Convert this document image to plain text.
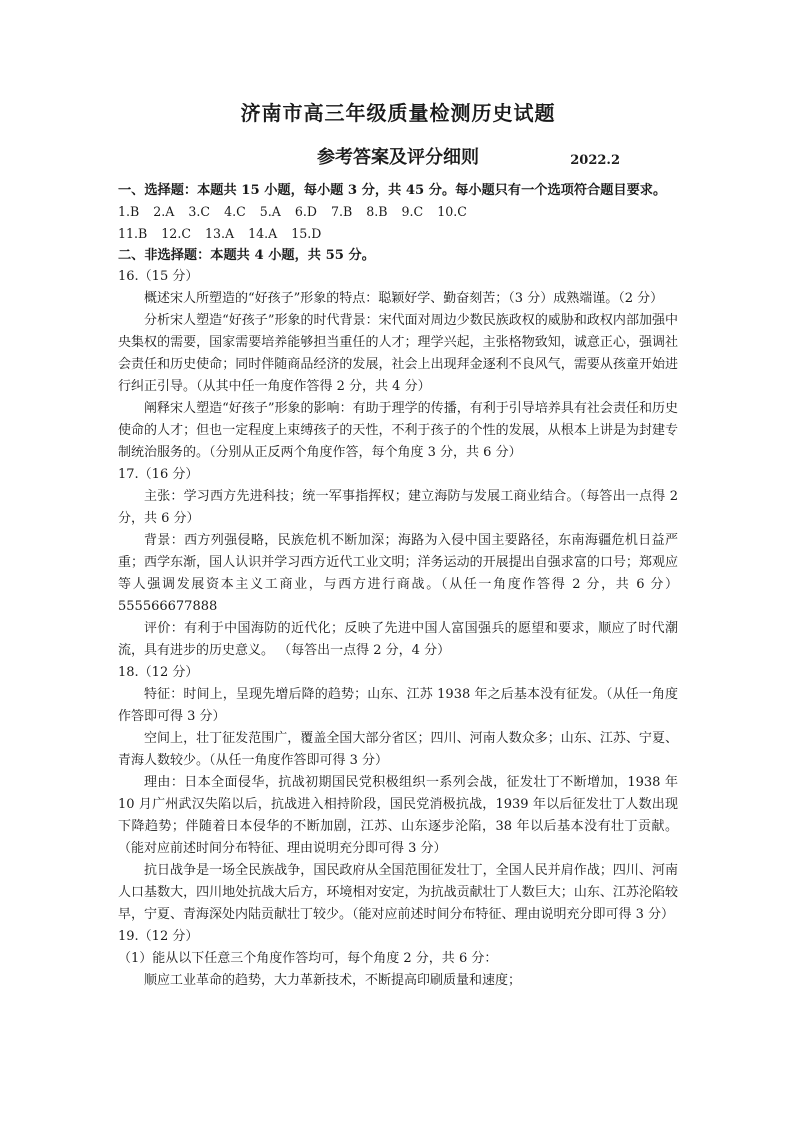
济南市高三年级质量检测历史试题
参考答案及评分细则	2022.2

一、选择题：本题共 15 小题，每小题 3 分，共 45 分。每小题只有一个选项符合题目要求。

1.B 2.A 3.C 4.C 5.A 6.D 7.B 8.B 9.C 10.C
11.B 12.C 13.A 14.A 15.D

二、非选择题：本题共 4 小题，共 55 分。

16.（15 分）

概述宋人所塑造的“好孩子”形象的特点：聪颖好学、勤奋刻苦；（3 分）成熟端谨。（2 分）

分析宋人塑造“好孩子”形象的时代背景：宋代面对周边少数民族政权的威胁和政权内部加强中央集权的需要，国家需要培养能够担当重任的人才；理学兴起，主张格物致知，诚意正心，强调社会责任和历史使命；同时伴随商品经济的发展，社会上出现拜金逐利不良风气，需要从孩童开始进行纠正引导。（从其中任一角度作答得 2 分，共 4 分）

阐释宋人塑造“好孩子”形象的影响：有助于理学的传播，有利于引导培养具有社会责任和历史使命的人才；但也一定程度上束缚孩子的天性，不利于孩子的个性的发展，从根本上讲是为封建专制统治服务的。（分别从正反两个角度作答，每个角度 3 分，共 6 分）

17.（16 分）

主张：学习西方先进科技；统一军事指挥权；建立海防与发展工商业结合。（每答出一点得 2 分，共 6 分）

背景：西方列强侵略，民族危机不断加深；海路为入侵中国主要路径，东南海疆危机日益严重；西学东渐，国人认识并学习西方近代工业文明；洋务运动的开展提出自强求富的口号；郑观应等人强调发展资本主义工商业，与西方进行商战。（从任一角度作答得 2 分，共 6 分）555566677888

评价：有利于中国海防的近代化；反映了先进中国人富国强兵的愿望和要求，顺应了时代潮流，具有进步的历史意义。 （每答出一点得 2 分，4 分）

18.（12 分）

特征：时间上，呈现先增后降的趋势；山东、江苏 1938 年之后基本没有征发。（从任一角度作答即可得 3 分）

空间上，壮丁征发范围广，覆盖全国大部分省区；四川、河南人数众多；山东、江苏、宁夏、青海人数较少。（从任一角度作答即可得 3 分）

理由：日本全面侵华，抗战初期国民党积极组织一系列会战，征发壮丁不断增加，1938 年 10 月广州武汉失陷以后，抗战进入相持阶段，国民党消极抗战，1939 年以后征发壮丁人数出现下降趋势；伴随着日本侵华的不断加剧，江苏、山东逐步沦陷，38 年以后基本没有壮丁贡献。（能对应前述时间分布特征、理由说明充分即可得 3 分）

抗日战争是一场全民族战争，国民政府从全国范围征发壮丁，全国人民并肩作战；四川、河南人口基数大，四川地处抗战大后方，环境相对安定，为抗战贡献壮丁人数巨大；山东、江苏沦陷较早，宁夏、青海深处内陆贡献壮丁较少。（能对应前述时间分布特征、理由说明充分即可得 3 分）

19.（12 分）

（1）能从以下任意三个角度作答均可，每个角度 2 分，共 6 分：

顺应工业革命的趋势，大力革新技术，不断提高印刷质量和速度；
